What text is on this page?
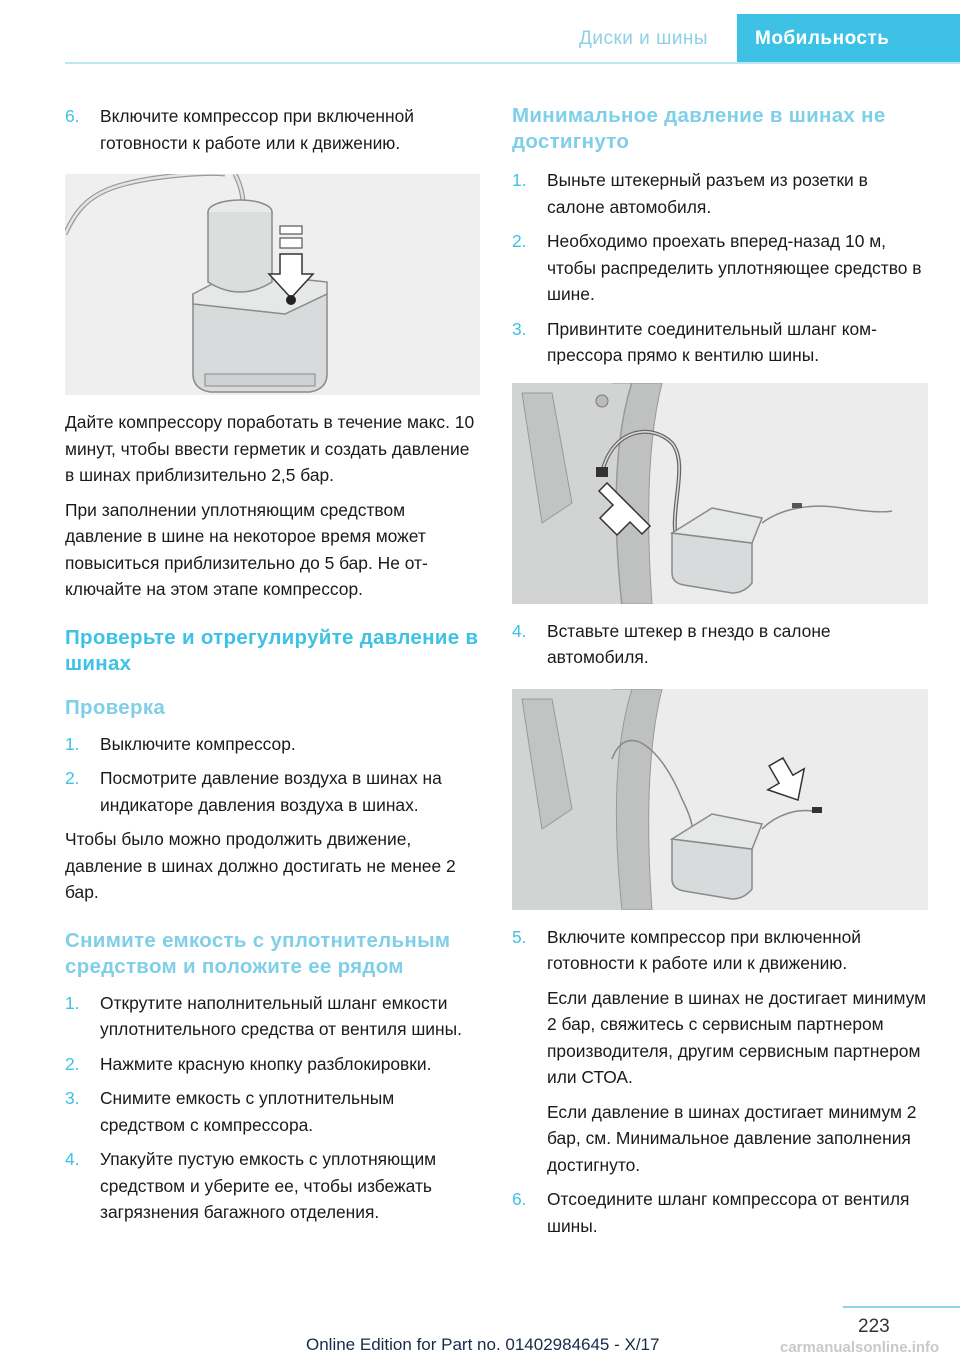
Диски и шины	Мобильность
6.	Включите компрессор при включенной готовности к работе или к движению.

Дайте компрессору поработать в течение макс. 10 минут, чтобы ввести герметик и создать давление в шинах приблизительно 2,5 бар.

При заполнении уплотняющим средством давление в шине на некоторое время может повыситься приблизительно до 5 бар. Не отключайте на этом этапе компрессор.

Проверьте и отрегулируйте давление в шинах
Проверка
1.	Выключите компрессор.
2.	Посмотрите давление воздуха в шинах на индикаторе давления воздуха в шинах.

Чтобы было можно продолжить движение, давление в шинах должно достигать не менее 2 бар.

Снимите емкость с уплотнительным средством и положите ее рядом
1.	Открутите наполнительный шланг емкости уплотнительного средства от вентиля шины.
2.	Нажмите красную кнопку разблокировки.
3.	Снимите емкость с уплотнительным средством с компрессора.
4.	Упакуйте пустую емкость с уплотняющим средством и уберите ее, чтобы избежать загрязнения багажного отделения.
Минимальное давление в шинах не достигнуто
1.	Выньте штекерный разъем из розетки в салоне автомобиля.
2.	Необходимо проехать вперед-назад 10 м, чтобы распределить уплотняющее средство в шине.
3.	Привинтите соединительный шланг компрессора прямо к вентилю шины.
4.	Вставьте штекер в гнездо в салоне автомобиля.
5.	Включите компрессор при включенной готовности к работе или к движению.

Если давление в шинах не достигает минимум 2 бар, свяжитесь с сервисным партнером производителя, другим сервисным партнером или СТОА.

Если давление в шинах достигает минимум 2 бар, см. Минимальное давление заполнения достигнуто.

6.	Отсоедините шланг компрессора от вентиля шины.
223
Online Edition for Part no. 01402984645 - X/17	carmanualsonline.info
